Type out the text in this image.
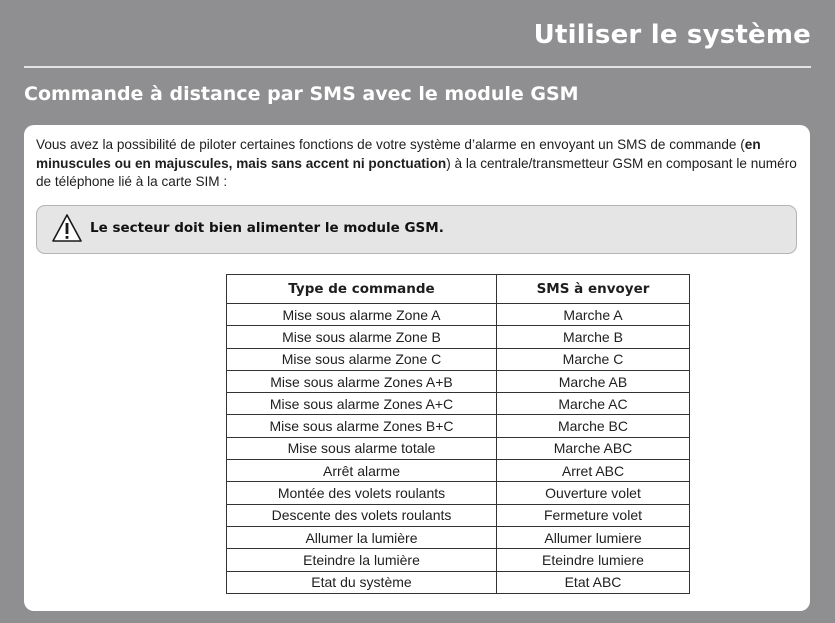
Utiliser le système
Commande à distance par SMS avec le module GSM

Vous avez la possibilité de piloter certaines fonctions de votre système d’alarme en envoyant un SMS de commande (en minuscules ou en majuscules, mais sans accent ni ponctuation) à la centrale/transmetteur GSM en composant le numéro de téléphone lié à la carte SIM :

Le secteur doit bien alimenter le module GSM.
Type de commande	SMS à envoyer
Mise sous alarme Zone A	Marche A
Mise sous alarme Zone B	Marche B
Mise sous alarme Zone C	Marche C
Mise sous alarme Zones A+B	Marche AB
Mise sous alarme Zones A+C	Marche AC
Mise sous alarme Zones B+C	Marche BC
Mise sous alarme totale	Marche ABC
Arrêt alarme	Arret ABC
Montée des volets roulants	Ouverture volet
Descente des volets roulants	Fermeture volet
Allumer la lumière	Allumer lumiere
Eteindre la lumière	Eteindre lumiere
Etat du système	Etat ABC
